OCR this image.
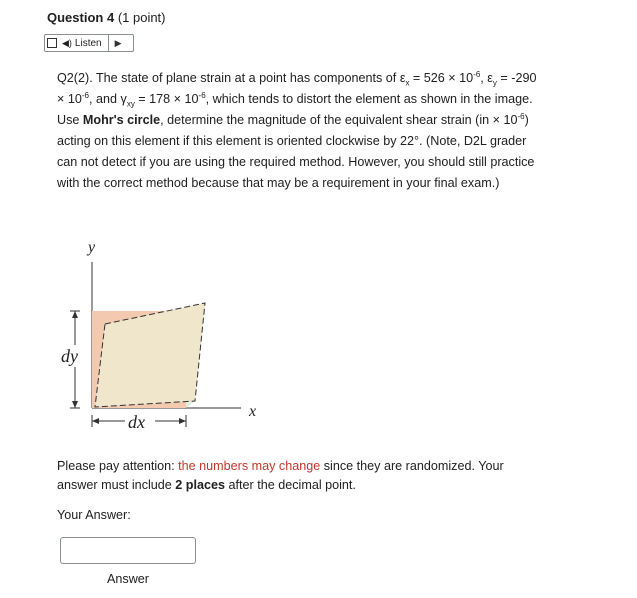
Question 4 (1 point)
◀) Listen ▶
Q2(2). The state of plane strain at a point has components of $\varepsilon_x = 526 \times 10^{-6}$, $\varepsilon_y = -290 \times 10^{-6}$, and $\gamma_{xy} = 178 \times 10^{-6}$, which tends to distort the element as shown in the image. Use Mohr's circle, determine the magnitude of the equivalent shear strain $(in \times 10^{-6})$ acting on this element if this element is oriented clockwise by 22°. (Note, D2L grader can not detect if you are using the required method. However, you should still practice with the correct method because that may be a requirement in your final exam.)
y
x
dy
dx
Please pay attention: the numbers may change since they are randomized. Your answer must include 2 places after the decimal point.
Your Answer:
Answer
